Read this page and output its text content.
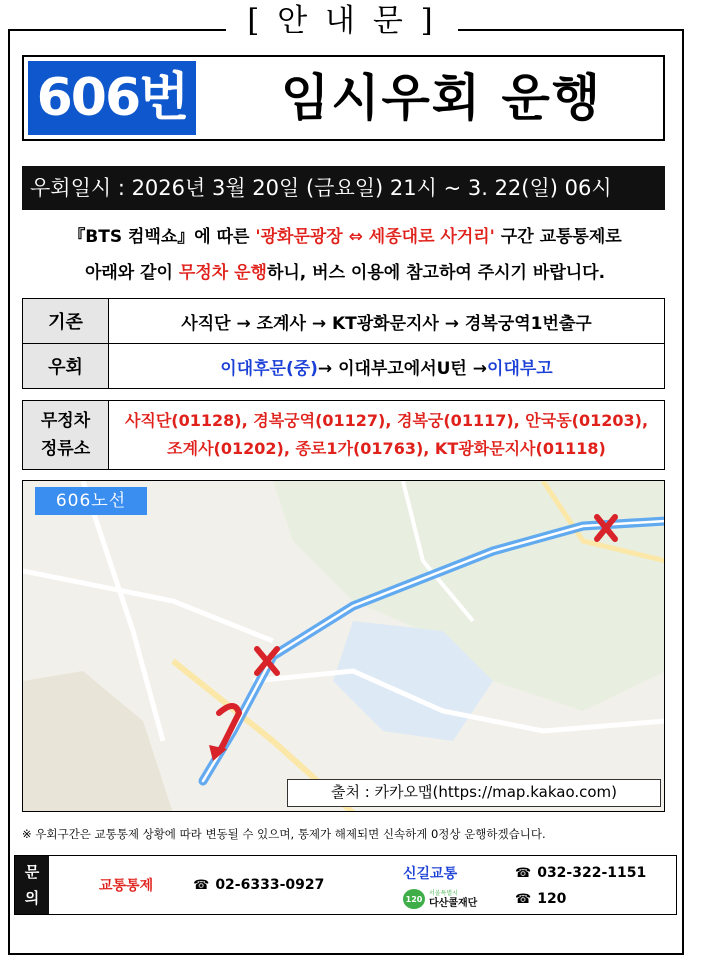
[ 안 내 문 ]
606번	임시우회 운행
우회일시 : 2026년 3월 20일 (금요일) 21시 ~ 3. 22(일) 06시
『BTS 컴백쇼』에 따른 '광화문광장 ⇔ 세종대로 사거리' 구간 교통통제로
아래와 같이 무정차 운행하니, 버스 이용에 참고하여 주시기 바랍니다.
기존	사직단 → 조계사 → KT광화문지사 → 경복궁역1번출구
우회	이대후문(중) → 이대부고에서U턴 → 이대부고
무정차
정류소
사직단(01128), 경복궁역(01127), 경복궁(01117), 안국동(01203),
조계사(01202), 종로1가(01763), KT광화문지사(01118)
606노선
출처 : 카카오맵(https://map.kakao.com)
※ 우회구간은 교통통제 상황에 따라 변동될 수 있으며, 통제가 해제되면 신속하게 0정상 운행하겠습니다.
문
의
교통통제	☎ 02-6333-0927
신길교통	☎ 032-322-1151
120
서울특별시
다산콜재단	☎ 120
